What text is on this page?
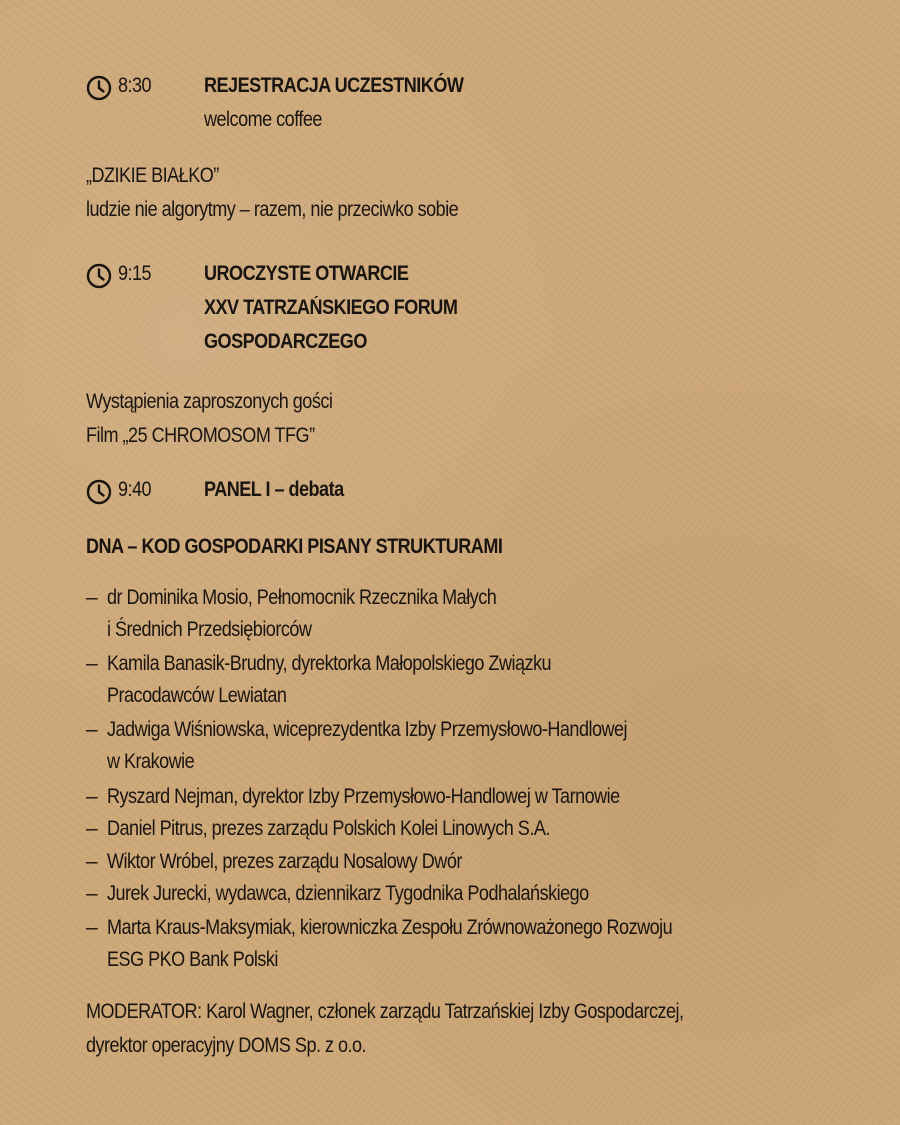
8:30	REJESTRACJA UCZESTNIKÓW
welcome coffee
„DZIKIE BIAŁKO”
ludzie nie algorytmy – razem, nie przeciwko sobie
9:15	UROCZYSTE OTWARCIE
XXV TATRZAŃSKIEGO FORUM
GOSPODARCZEGO
Wystąpienia zaproszonych gości
Film „25 CHROMOSOM TFG”
9:40	PANEL I – debata
DNA – KOD GOSPODARKI PISANY STRUKTURAMI
– dr Dominika Mosio, Pełnomocnik Rzecznika Małych
i Średnich Przedsiębiorców
– Kamila Banasik-Brudny, dyrektorka Małopolskiego Związku
Pracodawców Lewiatan
– Jadwiga Wiśniowska, wiceprezydentka Izby Przemysłowo-Handlowej
w Krakowie
– Ryszard Nejman, dyrektor Izby Przemysłowo-Handlowej w Tarnowie
– Daniel Pitrus, prezes zarządu Polskich Kolei Linowych S.A.
– Wiktor Wróbel, prezes zarządu Nosalowy Dwór
– Jurek Jurecki, wydawca, dziennikarz Tygodnika Podhalańskiego
– Marta Kraus-Maksymiak, kierowniczka Zespołu Zrównoważonego Rozwoju
ESG PKO Bank Polski
MODERATOR: Karol Wagner, członek zarządu Tatrzańskiej Izby Gospodarczej,
dyrektor operacyjny DOMS Sp. z o.o.
